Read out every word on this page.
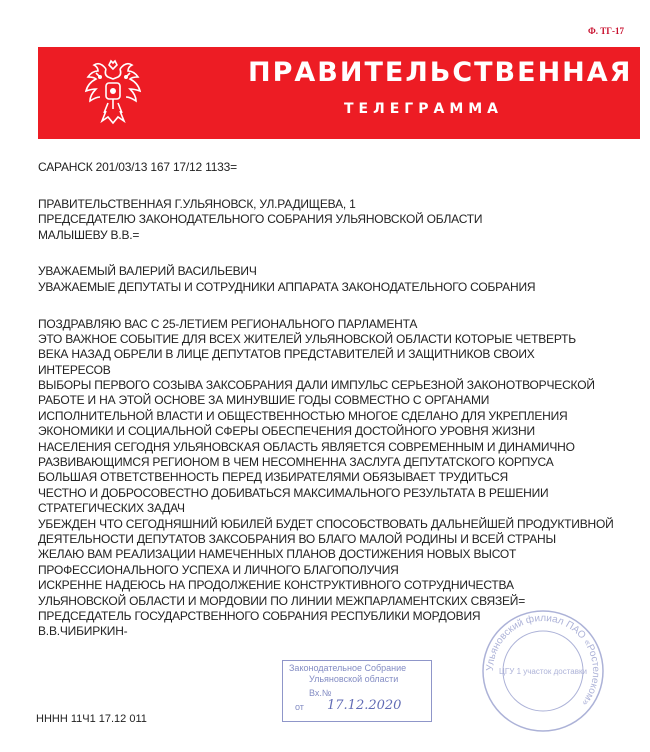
Ф. ТГ-17
ПРАВИТЕЛЬСТВЕННАЯ
ТЕЛЕГРАММА
САРАНСК 201/03/13 167 17/12 1133=
ПРАВИТЕЛЬСТВЕННАЯ Г.УЛЬЯНОВСК, УЛ.РАДИЩЕВА, 1
ПРЕДСЕДАТЕЛЮ ЗАКОНОДАТЕЛЬНОГО СОБРАНИЯ УЛЬЯНОВСКОЙ ОБЛАСТИ
МАЛЫШЕВУ В.В.=
УВАЖАЕМЫЙ ВАЛЕРИЙ ВАСИЛЬЕВИЧ
УВАЖАЕМЫЕ ДЕПУТАТЫ И СОТРУДНИКИ АППАРАТА ЗАКОНОДАТЕЛЬНОГО СОБРАНИЯ
ПОЗДРАВЛЯЮ ВАС С 25-ЛЕТИЕМ РЕГИОНАЛЬНОГО ПАРЛАМЕНТА
ЭТО ВАЖНОЕ СОБЫТИЕ ДЛЯ ВСЕХ ЖИТЕЛЕЙ УЛЬЯНОВСКОЙ ОБЛАСТИ КОТОРЫЕ ЧЕТВЕРТЬ
ВЕКА НАЗАД ОБРЕЛИ В ЛИЦЕ ДЕПУТАТОВ ПРЕДСТАВИТЕЛЕЙ И ЗАЩИТНИКОВ СВОИХ
ИНТЕРЕСОВ
ВЫБОРЫ ПЕРВОГО СОЗЫВА ЗАКСОБРАНИЯ ДАЛИ ИМПУЛЬС СЕРЬЕЗНОЙ ЗАКОНОТВОРЧЕСКОЙ
РАБОТЕ И НА ЭТОЙ ОСНОВЕ ЗА МИНУВШИЕ ГОДЫ СОВМЕСТНО С ОРГАНАМИ
ИСПОЛНИТЕЛЬНОЙ ВЛАСТИ И ОБЩЕСТВЕННОСТЬЮ МНОГОЕ СДЕЛАНО ДЛЯ УКРЕПЛЕНИЯ
ЭКОНОМИКИ И СОЦИАЛЬНОЙ СФЕРЫ ОБЕСПЕЧЕНИЯ ДОСТОЙНОГО УРОВНЯ ЖИЗНИ
НАСЕЛЕНИЯ СЕГОДНЯ УЛЬЯНОВСКАЯ ОБЛАСТЬ ЯВЛЯЕТСЯ СОВРЕМЕННЫМ И ДИНАМИЧНО
РАЗВИВАЮЩИМСЯ РЕГИОНОМ В ЧЕМ НЕСОМНЕННА ЗАСЛУГА ДЕПУТАТСКОГО КОРПУСА
БОЛЬШАЯ ОТВЕТСТВЕННОСТЬ ПЕРЕД ИЗБИРАТЕЛЯМИ ОБЯЗЫВАЕТ ТРУДИТЬСЯ
ЧЕСТНО И ДОБРОСОВЕСТНО ДОБИВАТЬСЯ МАКСИМАЛЬНОГО РЕЗУЛЬТАТА В РЕШЕНИИ
СТРАТЕГИЧЕСКИХ ЗАДАЧ
УБЕЖДЕН ЧТО СЕГОДНЯШНИЙ ЮБИЛЕЙ БУДЕТ СПОСОБСТВОВАТЬ ДАЛЬНЕЙШЕЙ ПРОДУКТИВНОЙ
ДЕЯТЕЛЬНОСТИ ДЕПУТАТОВ ЗАКСОБРАНИЯ ВО БЛАГО МАЛОЙ РОДИНЫ И ВСЕЙ СТРАНЫ
ЖЕЛАЮ ВАМ РЕАЛИЗАЦИИ НАМЕЧЕННЫХ ПЛАНОВ ДОСТИЖЕНИЯ НОВЫХ ВЫСОТ
ПРОФЕССИОНАЛЬНОГО УСПЕХА И ЛИЧНОГО БЛАГОПОЛУЧИЯ
ИСКРЕННЕ НАДЕЮСЬ НА ПРОДОЛЖЕНИЕ КОНСТРУКТИВНОГО СОТРУДНИЧЕСТВА
УЛЬЯНОВСКОЙ ОБЛАСТИ И МОРДОВИИ ПО ЛИНИИ МЕЖПАРЛАМЕНТСКИХ СВЯЗЕЙ=
ПРЕДСЕДАТЕЛЬ ГОСУДАРСТВЕННОГО СОБРАНИЯ РЕСПУБЛИКИ МОРДОВИЯ
В.В.ЧИБИРКИН-
НННН 11Ч1 17.12 011
Законодательное Собрание
Ульяновской области
Вх.№
от 17.12.2020
Ульяновский филиал ПАО «Ростелеком»
ЦГУ 1 участок доставки
